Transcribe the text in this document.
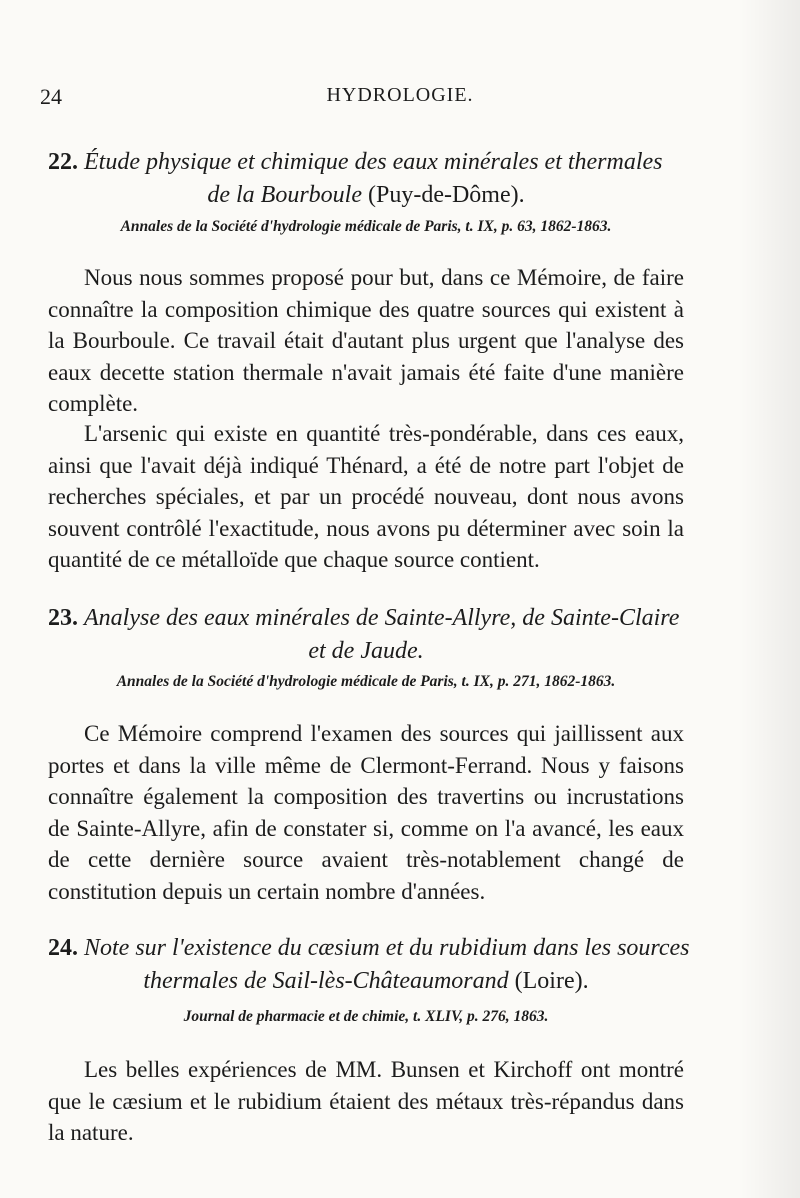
24	HYDROLOGIE.
22. Étude physique et chimique des eaux minérales et thermales
de la Bourboule (Puy-de-Dôme).
Annales de la Société d'hydrologie médicale de Paris, t. IX, p. 63, 1862-1863.
Nous nous sommes proposé pour but, dans ce Mémoire, de faire connaître la composition chimique des quatre sources qui existent à la Bourboule. Ce travail était d'autant plus urgent que l'analyse des eaux decette station thermale n'avait jamais été faite d'une manière complète.
L'arsenic qui existe en quantité très-pondérable, dans ces eaux, ainsi que l'avait déjà indiqué Thénard, a été de notre part l'objet de recherches spéciales, et par un procédé nouveau, dont nous avons souvent contrôlé l'exactitude, nous avons pu déterminer avec soin la quantité de ce métalloïde que chaque source contient.
23. Analyse des eaux minérales de Sainte-Allyre, de Sainte-Claire
et de Jaude.
Annales de la Société d'hydrologie médicale de Paris, t. IX, p. 271, 1862-1863.
Ce Mémoire comprend l'examen des sources qui jaillissent aux portes et dans la ville même de Clermont-Ferrand. Nous y faisons connaître également la composition des travertins ou incrustations de Sainte-Allyre, afin de constater si, comme on l'a avancé, les eaux de cette dernière source avaient très-notablement changé de constitution depuis un certain nombre d'années.
24. Note sur l'existence du cæsium et du rubidium dans les sources
thermales de Sail-lès-Châteaumorand (Loire).
Journal de pharmacie et de chimie, t. XLIV, p. 276, 1863.
Les belles expériences de MM. Bunsen et Kirchoff ont montré que le cæsium et le rubidium étaient des métaux très-répandus dans la nature.
